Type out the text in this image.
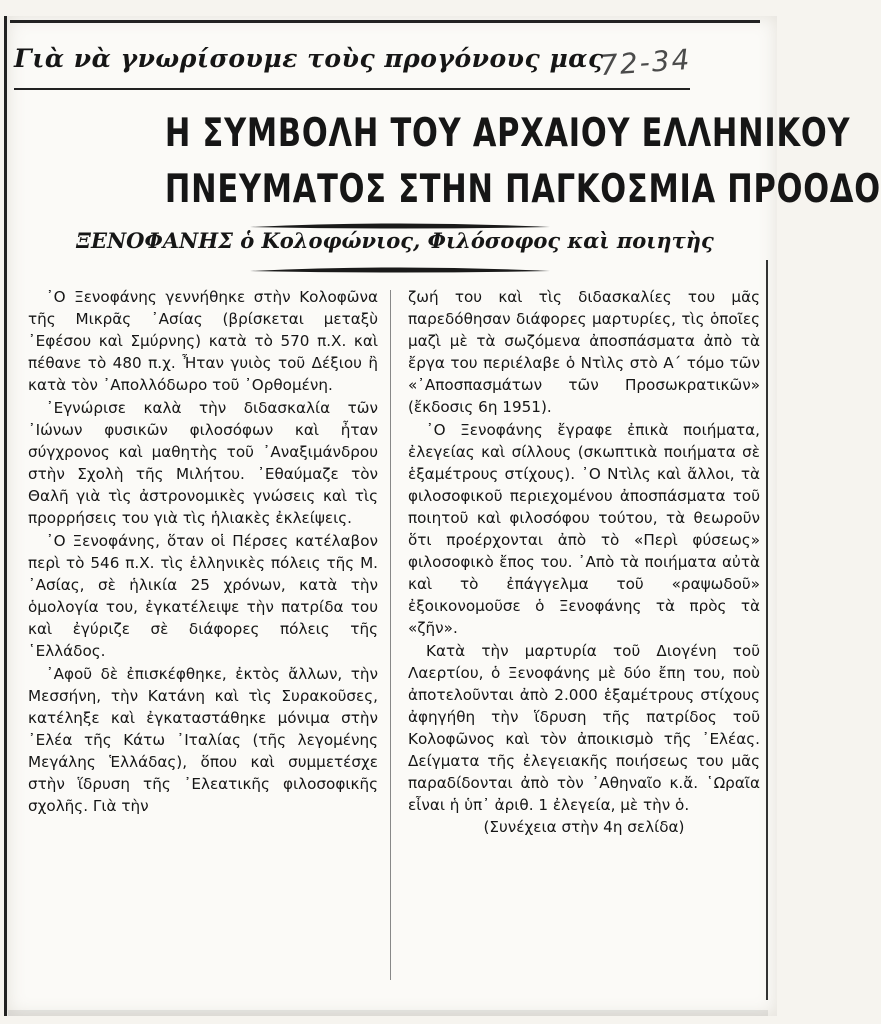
Γιὰ νὰ γνωρίσουμε τοὺς προγόνους μας
72-34
Η ΣΥΜΒΟΛΗ ΤΟΥ ΑΡΧΑΙΟΥ ΕΛΛΗΝΙΚΟΥ
ΠΝΕΥΜΑΤΟΣ ΣΤΗΝ ΠΑΓΚΟΣΜΙΑ ΠΡΟΟΔΟ
ΞΕΝΟΦΑΝΗΣ ὁ Κολοφώνιος, Φιλόσοφος καὶ ποιητὴς

᾿Ο Ξενοφάνης γεννήθηκε στὴν Κολοφῶνα τῆς Μικρᾶς ᾿Ασίας (βρίσκεται μεταξὺ ᾿Εφέσου καὶ Σμύρνης) κατὰ τὸ 570 π.Χ. καὶ πέθανε τὸ 480 π.χ. Ἦταν γυιὸς τοῦ Δέξιου ἢ κατὰ τὸν ᾿Απολλόδωρο τοῦ ᾿Ορθομένη.

᾿Εγνώρισε καλὰ τὴν διδασκαλία τῶν ᾿Ιώνων φυσικῶν φιλοσόφων καὶ ἦταν σύγχρονος καὶ μαθητὴς τοῦ ᾿Αναξιμάνδρου στὴν Σχολὴ τῆς Μιλήτου. ᾿Εθαύμαζε τὸν Θαλῆ γιὰ τὶς ἀστρονομικὲς γνώσεις καὶ τὶς προρρήσεις του γιὰ τὶς ἡλιακὲς ἐκλείψεις.

᾿Ο Ξενοφάνης, ὅταν οἱ Πέρσες κατέλαβον περὶ τὸ 546 π.Χ. τὶς ἑλληνικὲς πόλεις τῆς Μ. ᾿Ασίας, σὲ ἡλικία 25 χρόνων, κατὰ τὴν ὁμολογία του, ἐγκατέλειψε τὴν πατρίδα του καὶ ἐγύριζε σὲ διάφορες πόλεις τῆς ῾Ελλάδος.

᾿Αφοῦ δὲ ἐπισκέφθηκε, ἐκτὸς ἄλλων, τὴν Μεσσήνη, τὴν Κατάνη καὶ τὶς Συρακοῦσες, κατέληξε καὶ ἐγκαταστάθηκε μόνιμα στὴν ᾿Ελέα τῆς Κάτω ᾿Ιταλίας (τῆς λεγομένης Μεγάλης Ἑλλάδας), ὅπου καὶ συμμετέσχε στὴν ἵδρυση τῆς ᾿Ελεατικῆς φιλοσοφικῆς σχολῆς. Γιὰ τὴν

ζωή του καὶ τὶς διδασκαλίες του μᾶς παρεδόθησαν διάφορες μαρτυρίες, τὶς ὁποῖες μαζὶ μὲ τὰ σωζόμενα ἀποσπάσματα ἀπὸ τὰ ἔργα του περιέλαβε ὁ Ντὶλς στὸ Α΄ τόμο τῶν «᾿Αποσπασμάτων τῶν Προσωκρατικῶν» (ἔκδοσις 6η 1951).

᾿Ο Ξενοφάνης ἔγραφε ἐπικὰ ποιήματα, ἐλεγείας καὶ σίλλους (σκωπτικὰ ποιήματα σὲ ἑξαμέτρους στίχους). ᾿Ο Ντὶλς καὶ ἄλλοι, τὰ φιλοσοφικοῦ περιεχομένου ἀποσπάσματα τοῦ ποιητοῦ καὶ φιλοσόφου τούτου, τὰ θεωροῦν ὅτι προέρχονται ἀπὸ τὸ «Περὶ φύσεως» φιλοσοφικὸ ἔπος του. ᾿Απὸ τὰ ποιήματα αὐτὰ καὶ τὸ ἐπάγγελμα τοῦ «ραψωδοῦ» ἐξοικονομοῦσε ὁ Ξενοφάνης τὰ πρὸς τὰ «ζῆν».

Κατὰ τὴν μαρτυρία τοῦ Διογένη τοῦ Λαερτίου, ὁ Ξενοφάνης μὲ δύο ἔπη του, ποὺ ἀποτελοῦνται ἀπὸ 2.000 ἑξαμέτρους στίχους ἀφηγήθη τὴν ἵδρυση τῆς πατρίδος τοῦ Κολοφῶνος καὶ τὸν ἀποικισμὸ τῆς ᾿Ελέας. Δείγματα τῆς ἐλεγειακῆς ποιήσεως του μᾶς παραδίδονται ἀπὸ τὸν ᾿Αθηναῖο κ.ἄ. ῾Ωραῖα εἶναι ἡ ὑπ᾿ ἀριθ. 1 ἐλεγεία, μὲ τὴν ὁ.

(Συνέχεια στὴν 4η σελίδα)
